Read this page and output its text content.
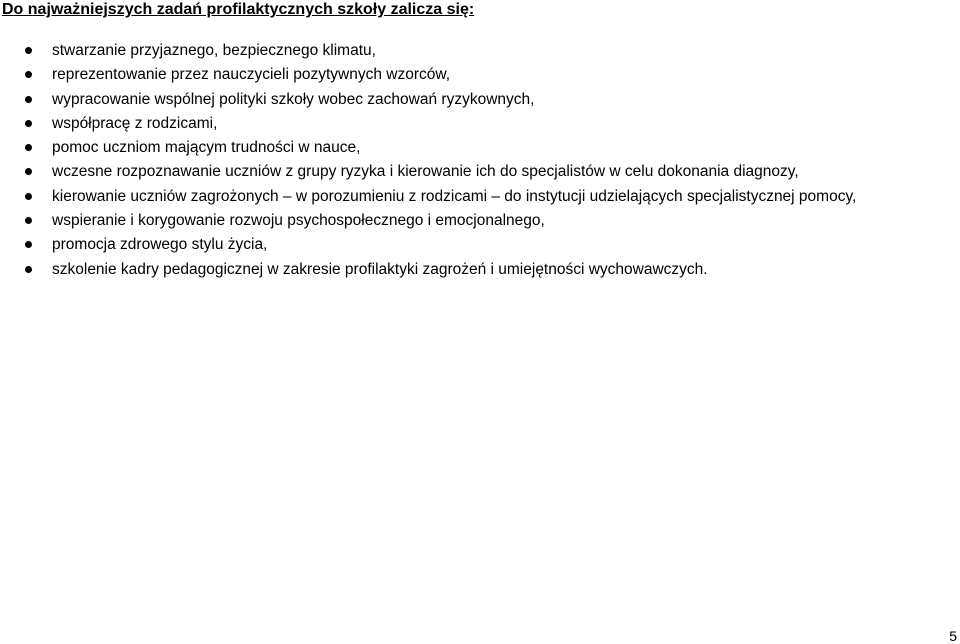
Do najważniejszych zadań profilaktycznych szkoły zalicza się:
stwarzanie przyjaznego, bezpiecznego klimatu,
reprezentowanie przez nauczycieli pozytywnych wzorców,
wypracowanie wspólnej polityki szkoły wobec zachowań ryzykownych,
współpracę z rodzicami,
pomoc uczniom mającym trudności w nauce,
wczesne rozpoznawanie uczniów z grupy ryzyka i kierowanie ich do specjalistów w celu dokonania diagnozy,
kierowanie uczniów zagrożonych – w porozumieniu z rodzicami – do instytucji udzielających specjalistycznej pomocy,
wspieranie i korygowanie rozwoju psychospołecznego i emocjonalnego,
promocja zdrowego stylu życia,
szkolenie kadry pedagogicznej w zakresie profilaktyki zagrożeń i umiejętności wychowawczych.
5
